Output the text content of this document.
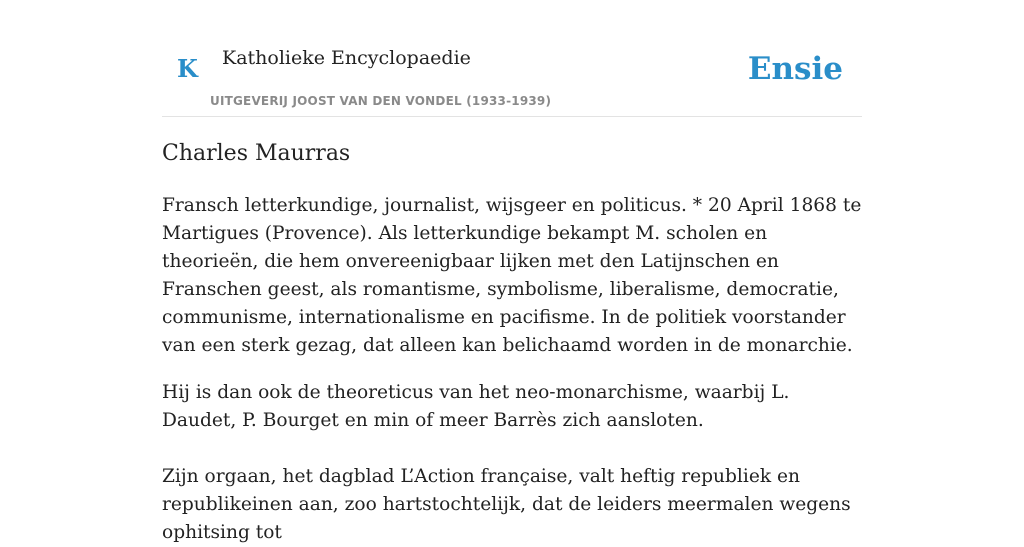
K Katholieke Encyclopaedie
UITGEVERIJ JOOST VAN DEN VONDEL (1933-1939)
Ensie
Charles Maurras

Fransch letterkundige, journalist, wijsgeer en politicus. * 20 April 1868 te Martigues (Provence). Als letterkundige bekampt M. scholen en theorieën, die hem onvereenigbaar lijken met den Latijnschen en Franschen geest, als romantisme, symbolisme, liberalisme, democratie, communisme, internationalisme en pacifisme. In de politiek voorstander van een sterk gezag, dat alleen kan belichaamd worden in de monarchie.

Hij is dan ook de theoreticus van het neo-monarchisme, waarbij L. Daudet, P. Bourget en min of meer Barrès zich aansloten.

Zijn orgaan, het dagblad L’Action française, valt heftig republiek en republikeinen aan, zoo hartstochtelijk, dat de leiders meermalen wegens ophitsing tot
